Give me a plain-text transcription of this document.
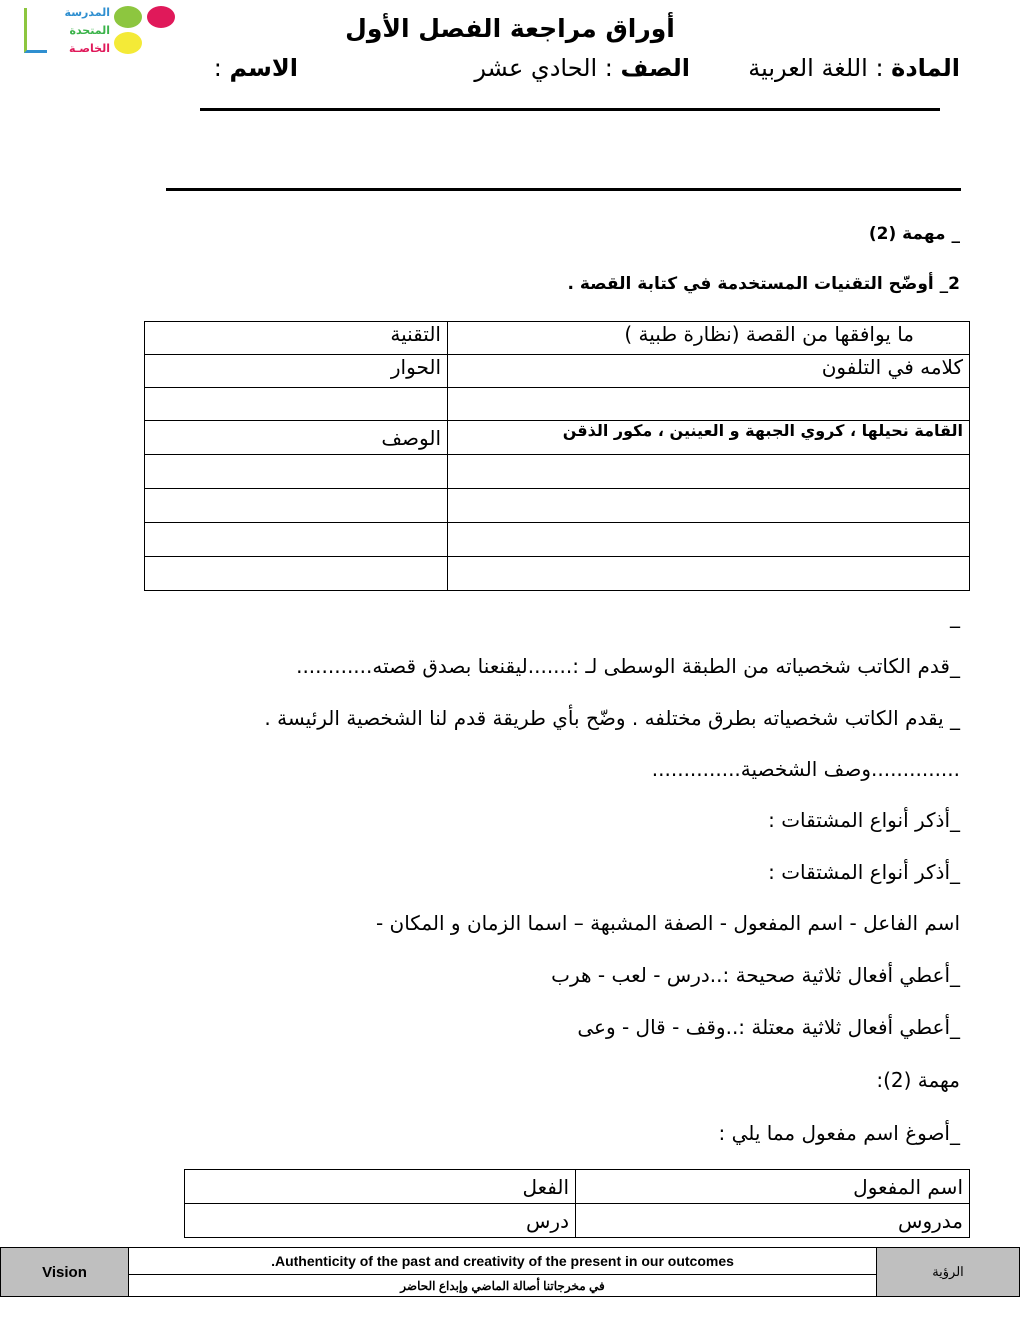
المدرسة
المتحدة
الخاصـة
أوراق مراجعة الفصل الأول
المادة : اللغة العربية
الصف : الحادي عشر
الاسم :
_ مهمة (2)
2_ أوضّح التقنيات المستخدمة في كتابة القصة .
التقنية	ما يوافقها من القصة (نظارة طبية )
الحوار	كلامه في التلفون

الوصف	القامة نحيلها ، كروي الجبهة و العينين ، مكور الذقن

_
_قدم الكاتب شخصياته من الطبقة الوسطى لـ :.......ليقنعنا بصدق قصته............
_ يقدم الكاتب شخصياته بطرق مختلفه . وضّح بأي طريقة قدم لنا الشخصية الرئيسة .
..............وصف الشخصية..............
_أذكر أنواع المشتقات :
_أذكر أنواع المشتقات :
اسم الفاعل - اسم المفعول - الصفة المشبهة – اسما الزمان و المكان -
_أعطي أفعال ثلاثية صحيحة :..درس - لعب - هرب
_أعطي أفعال ثلاثية معتلة :..وقف - قال - وعى
مهمة (2):
_أصوغ اسم مفعول مما يلي :
الفعل	اسم المفعول
درس	مدروس
Vision	Authenticity of the past and creativity of the present in our outcomes.	الرؤية
في مخرجاتنا أصالة الماضي وإبداع الحاضر
